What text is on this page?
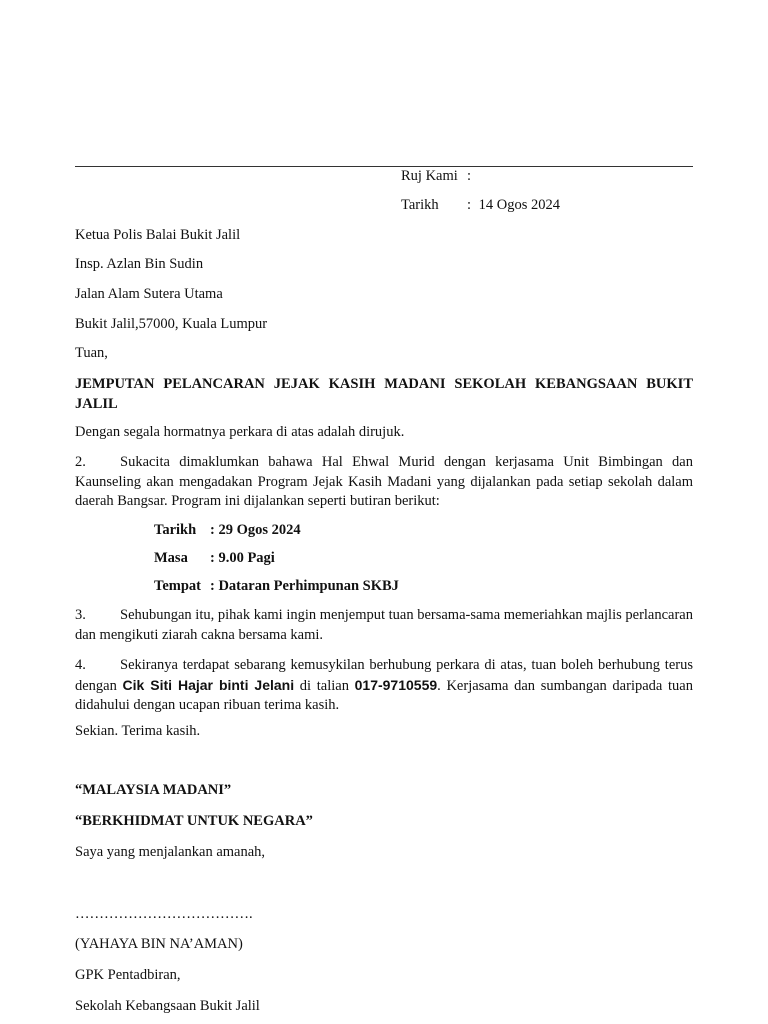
Ruj Kami :
Tarikh : 14 Ogos 2024
Ketua Polis Balai Bukit Jalil
Insp. Azlan Bin Sudin
Jalan Alam Sutera Utama
Bukit Jalil,57000, Kuala Lumpur
Tuan,
JEMPUTAN PELANCARAN JEJAK KASIH MADANI SEKOLAH KEBANGSAAN BUKIT JALIL
Dengan segala hormatnya perkara di atas adalah dirujuk.
2. Sukacita dimaklumkan bahawa Hal Ehwal Murid dengan kerjasama Unit Bimbingan dan Kaunseling akan mengadakan Program Jejak Kasih Madani yang dijalankan pada setiap sekolah dalam daerah Bangsar. Program ini dijalankan seperti butiran berikut:
Tarikh : 29 Ogos 2024
Masa : 9.00 Pagi
Tempat : Dataran Perhimpunan SKBJ
3. Sehubungan itu, pihak kami ingin menjemput tuan bersama-sama memeriahkan majlis perlancaran dan mengikuti ziarah cakna bersama kami.
4. Sekiranya terdapat sebarang kemusykilan berhubung perkara di atas, tuan boleh berhubung terus dengan Cik Siti Hajar binti Jelani di talian 017-9710559. Kerjasama dan sumbangan daripada tuan didahului dengan ucapan ribuan terima kasih.
Sekian. Terima kasih.
“MALAYSIA MADANI”
“BERKHIDMAT UNTUK NEGARA”
Saya yang menjalankan amanah,
……………………………….
(YAHAYA BIN NA’AMAN)
GPK Pentadbiran,
Sekolah Kebangsaan Bukit Jalil
